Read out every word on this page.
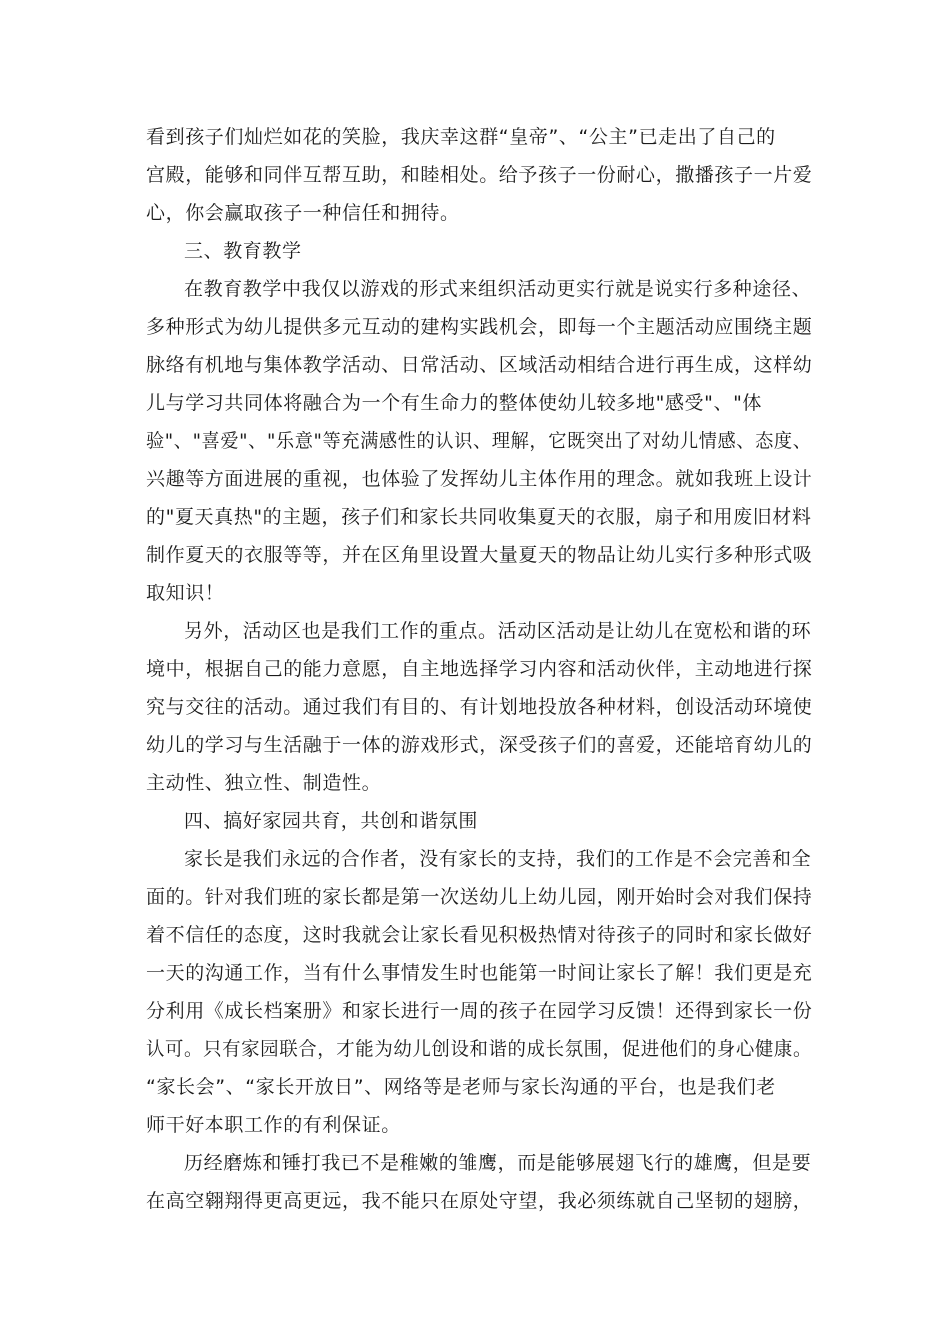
看到孩子们灿烂如花的笑脸，我庆幸这群“皇帝”、“公主”已走出了自己的
宫殿，能够和同伴互帮互助，和睦相处。给予孩子一份耐心，撒播孩子一片爱
心，你会赢取孩子一种信任和拥待。
三、教育教学
在教育教学中我仅以游戏的形式来组织活动更实行就是说实行多种途径、
多种形式为幼儿提供多元互动的建构实践机会，即每一个主题活动应围绕主题
脉络有机地与集体教学活动、日常活动、区域活动相结合进行再生成，这样幼
儿与学习共同体将融合为一个有生命力的整体使幼儿较多地"感受"、"体
验"、"喜爱"、"乐意"等充满感性的认识、理解，它既突出了对幼儿情感、态度、
兴趣等方面进展的重视，也体验了发挥幼儿主体作用的理念。就如我班上设计
的"夏天真热"的主题，孩子们和家长共同收集夏天的衣服，扇子和用废旧材料
制作夏天的衣服等等，并在区角里设置大量夏天的物品让幼儿实行多种形式吸
取知识！
另外，活动区也是我们工作的重点。活动区活动是让幼儿在宽松和谐的环
境中，根据自己的能力意愿，自主地选择学习内容和活动伙伴，主动地进行探
究与交往的活动。通过我们有目的、有计划地投放各种材料，创设活动环境使
幼儿的学习与生活融于一体的游戏形式，深受孩子们的喜爱，还能培育幼儿的
主动性、独立性、制造性。
四、搞好家园共育，共创和谐氛围
家长是我们永远的合作者，没有家长的支持，我们的工作是不会完善和全
面的。针对我们班的家长都是第一次送幼儿上幼儿园，刚开始时会对我们保持
着不信任的态度，这时我就会让家长看见积极热情对待孩子的同时和家长做好
一天的沟通工作，当有什么事情发生时也能第一时间让家长了解！我们更是充
分利用《成长档案册》和家长进行一周的孩子在园学习反馈！还得到家长一份
认可。只有家园联合，才能为幼儿创设和谐的成长氛围，促进他们的身心健康。
“家长会”、“家长开放日”、网络等是老师与家长沟通的平台，也是我们老
师干好本职工作的有利保证。
历经磨炼和锤打我已不是稚嫩的雏鹰，而是能够展翅飞行的雄鹰，但是要
在高空翱翔得更高更远，我不能只在原处守望，我必须练就自己坚韧的翅膀，
